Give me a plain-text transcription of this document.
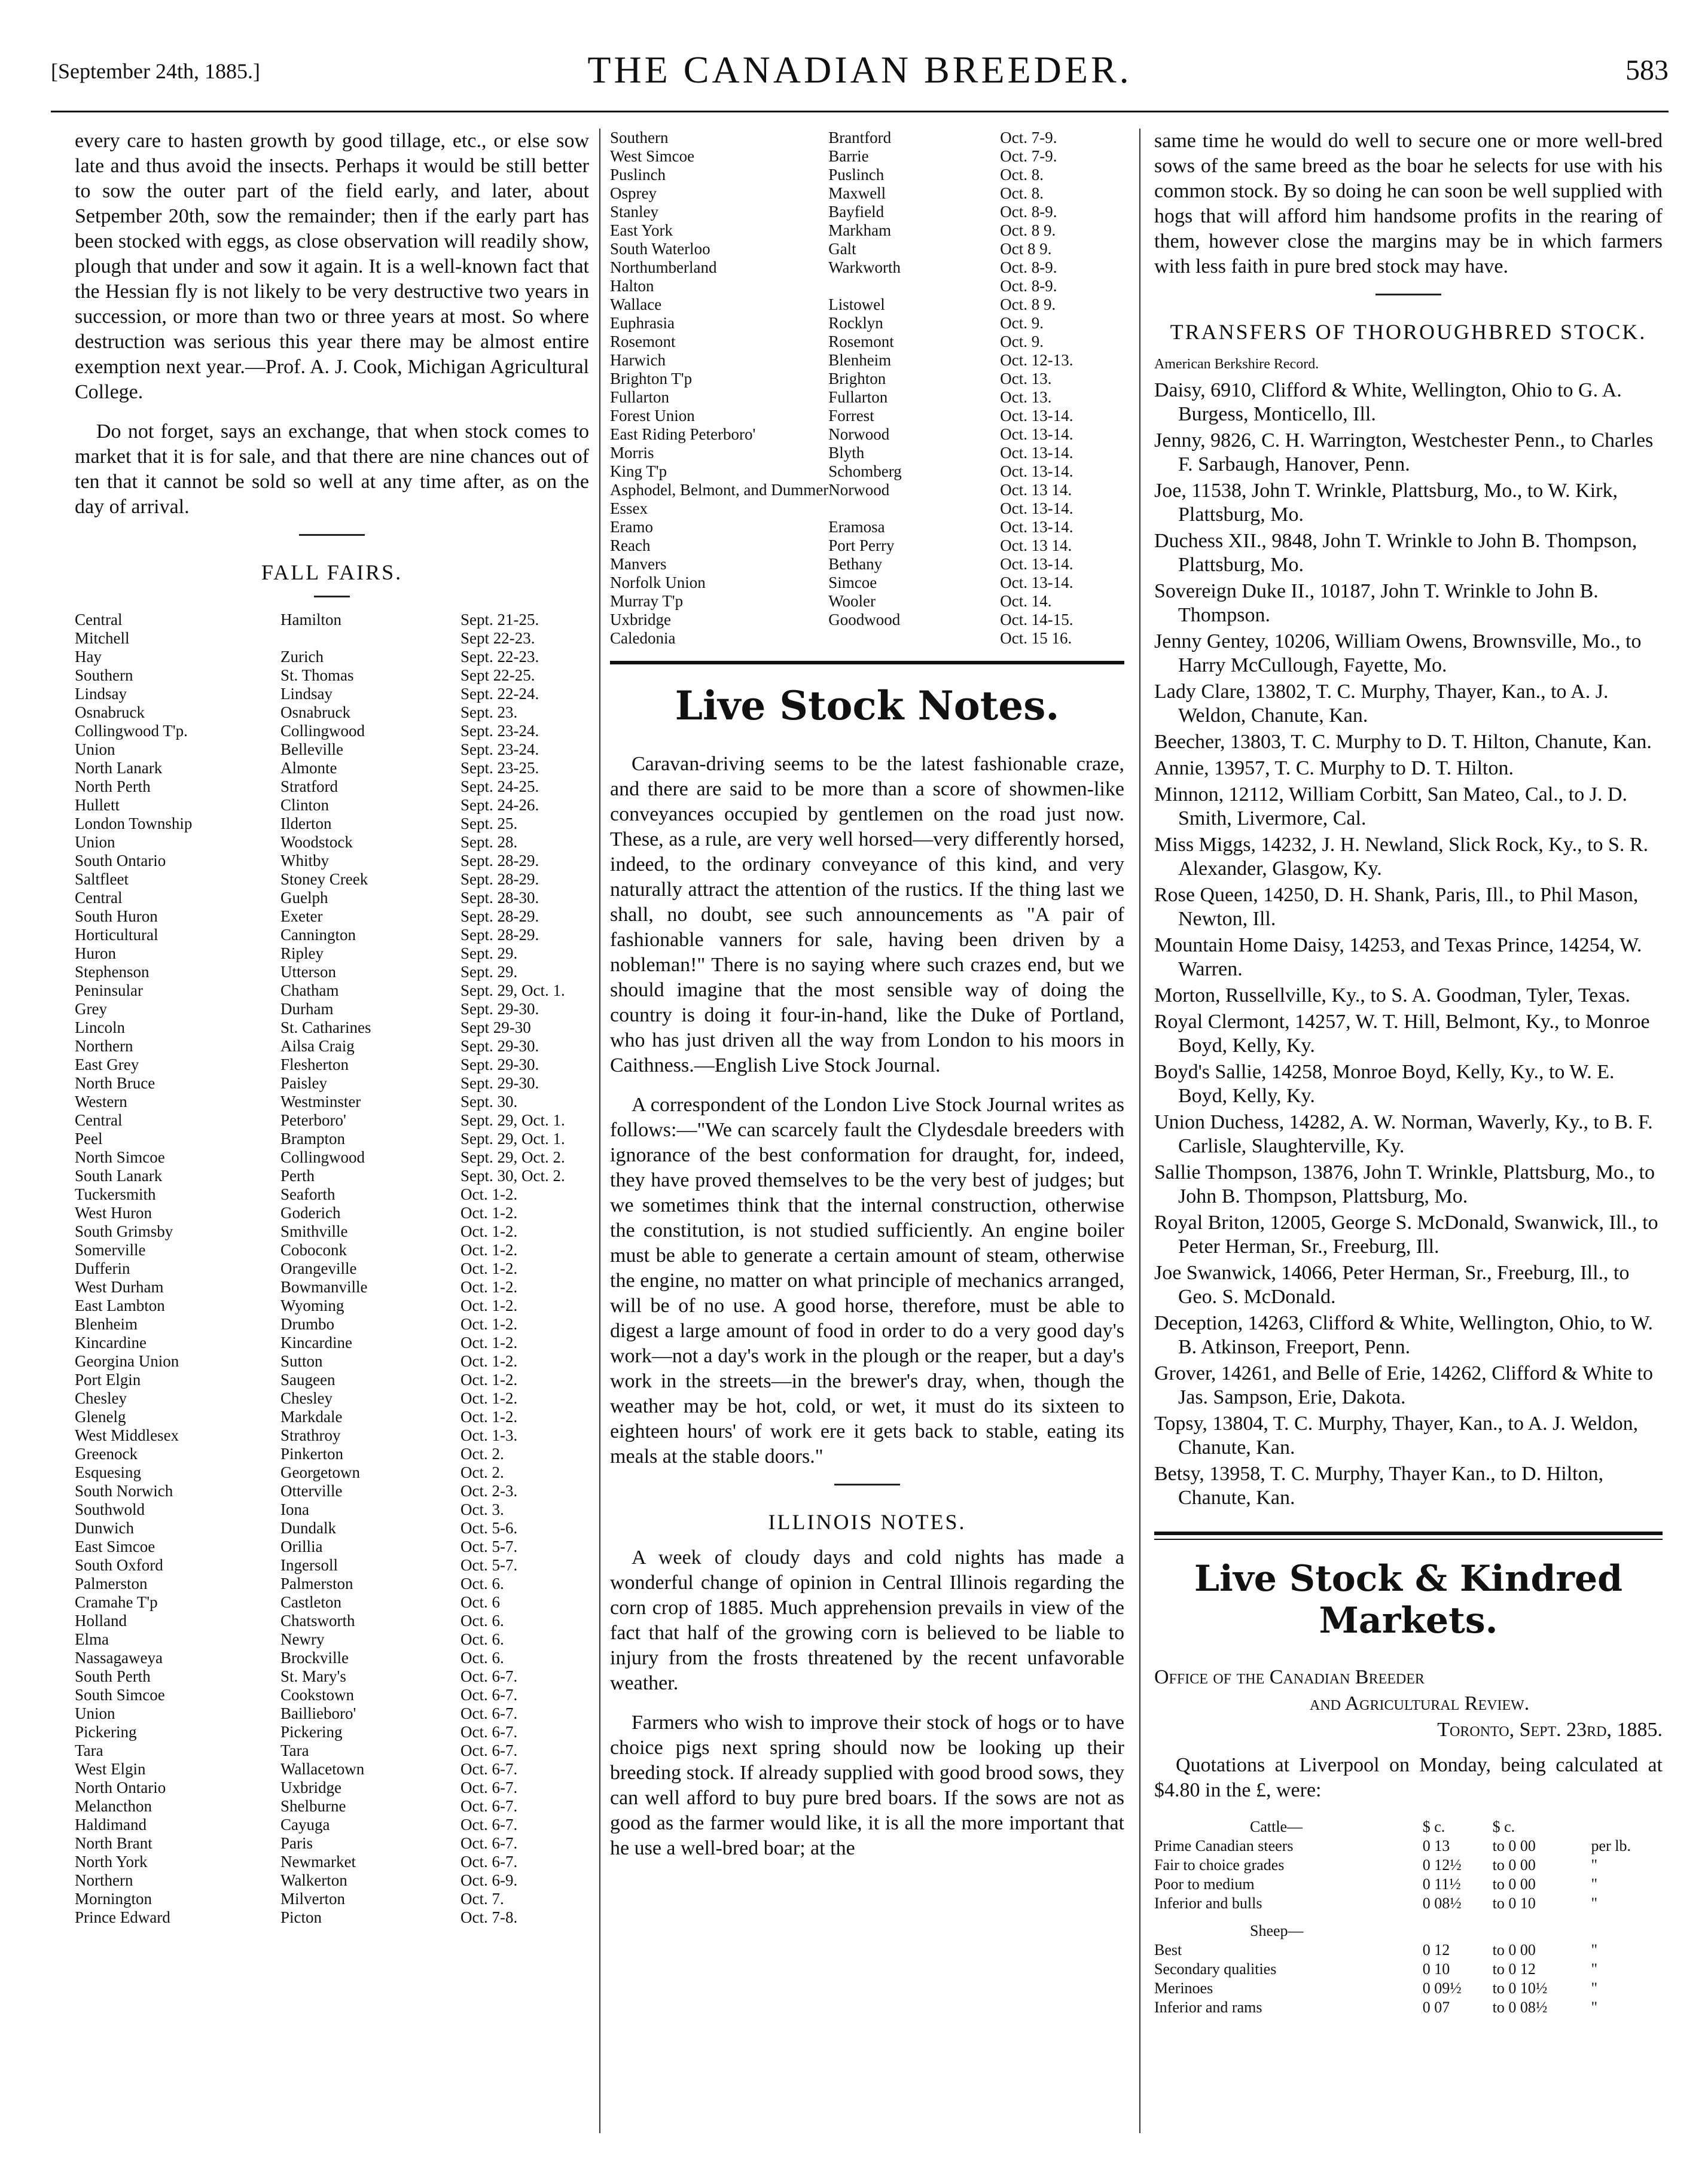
[September 24th, 1885.]	THE CANADIAN BREEDER.	583

every care to hasten growth by good tillage, etc., or else sow late and thus avoid the insects. Perhaps it would be still better to sow the outer part of the field early, and later, about Setpember 20th, sow the remainder; then if the early part has been stocked with eggs, as close observation will readily show, plough that under and sow it again. It is a well-known fact that the Hessian fly is not likely to be very destructive two years in succession, or more than two or three years at most. So where destruction was serious this year there may be almost entire exemption next year.—Prof. A. J. Cook, Michigan Agricultural College.

Do not forget, says an exchange, that when stock comes to market that it is for sale, and that there are nine chances out of ten that it cannot be sold so well at any time after, as on the day of arrival.

FALL FAIRS.
Central	Hamilton	Sept. 21-25.
Mitchell		Sept 22-23.
Hay	Zurich	Sept. 22-23.
Southern	St. Thomas	Sept 22-25.
Lindsay	Lindsay	Sept. 22-24.
Osnabruck	Osnabruck	Sept. 23.
Collingwood T'p.	Collingwood	Sept. 23-24.
Union	Belleville	Sept. 23-24.
North Lanark	Almonte	Sept. 23-25.
North Perth	Stratford	Sept. 24-25.
Hullett	Clinton	Sept. 24-26.
London Township	Ilderton	Sept. 25.
Union	Woodstock	Sept. 28.
South Ontario	Whitby	Sept. 28-29.
Saltfleet	Stoney Creek	Sept. 28-29.
Central	Guelph	Sept. 28-30.
South Huron	Exeter	Sept. 28-29.
Horticultural	Cannington	Sept. 28-29.
Huron	Ripley	Sept. 29.
Stephenson	Utterson	Sept. 29.
Peninsular	Chatham	Sept. 29, Oct. 1.
Grey	Durham	Sept. 29-30.
Lincoln	St. Catharines	Sept 29-30
Northern	Ailsa Craig	Sept. 29-30.
East Grey	Flesherton	Sept. 29-30.
North Bruce	Paisley	Sept. 29-30.
Western	Westminster	Sept. 30.
Central	Peterboro'	Sept. 29, Oct. 1.
Peel	Brampton	Sept. 29, Oct. 1.
North Simcoe	Collingwood	Sept. 29, Oct. 2.
South Lanark	Perth	Sept. 30, Oct. 2.
Tuckersmith	Seaforth	Oct. 1-2.
West Huron	Goderich	Oct. 1-2.
South Grimsby	Smithville	Oct. 1-2.
Somerville	Coboconk	Oct. 1-2.
Dufferin	Orangeville	Oct. 1-2.
West Durham	Bowmanville	Oct. 1-2.
East Lambton	Wyoming	Oct. 1-2.
Blenheim	Drumbo	Oct. 1-2.
Kincardine	Kincardine	Oct. 1-2.
Georgina Union	Sutton	Oct. 1-2.
Port Elgin	Saugeen	Oct. 1-2.
Chesley	Chesley	Oct. 1-2.
Glenelg	Markdale	Oct. 1-2.
West Middlesex	Strathroy	Oct. 1-3.
Greenock	Pinkerton	Oct. 2.
Esquesing	Georgetown	Oct. 2.
South Norwich	Otterville	Oct. 2-3.
Southwold	Iona	Oct. 3.
Dunwich	Dundalk	Oct. 5-6.
East Simcoe	Orillia	Oct. 5-7.
South Oxford	Ingersoll	Oct. 5-7.
Palmerston	Palmerston	Oct. 6.
Cramahe T'p	Castleton	Oct. 6
Holland	Chatsworth	Oct. 6.
Elma	Newry	Oct. 6.
Nassagaweya	Brockville	Oct. 6.
South Perth	St. Mary's	Oct. 6-7.
South Simcoe	Cookstown	Oct. 6-7.
Union	Baillieboro'	Oct. 6-7.
Pickering	Pickering	Oct. 6-7.
Tara	Tara	Oct. 6-7.
West Elgin	Wallacetown	Oct. 6-7.
North Ontario	Uxbridge	Oct. 6-7.
Melancthon	Shelburne	Oct. 6-7.
Haldimand	Cayuga	Oct. 6-7.
North Brant	Paris	Oct. 6-7.
North York	Newmarket	Oct. 6-7.
Northern	Walkerton	Oct. 6-9.
Mornington	Milverton	Oct. 7.
Prince Edward	Picton	Oct. 7-8.
Southern	Brantford	Oct. 7-9.
West Simcoe	Barrie	Oct. 7-9.
Puslinch	Puslinch	Oct. 8.
Osprey	Maxwell	Oct. 8.
Stanley	Bayfield	Oct. 8-9.
East York	Markham	Oct. 8 9.
South Waterloo	Galt	Oct 8 9.
Northumberland	Warkworth	Oct. 8-9.
Halton		Oct. 8-9.
Wallace	Listowel	Oct. 8 9.
Euphrasia	Rocklyn	Oct. 9.
Rosemont	Rosemont	Oct. 9.
Harwich	Blenheim	Oct. 12-13.
Brighton T'p	Brighton	Oct. 13.
Fullarton	Fullarton	Oct. 13.
Forest Union	Forrest	Oct. 13-14.
East Riding Peterboro'	Norwood	Oct. 13-14.
Morris	Blyth	Oct. 13-14.
King T'p	Schomberg	Oct. 13-14.
Asphodel, Belmont, and Dummer	Norwood	Oct. 13 14.
Essex		Oct. 13-14.
Eramo	Eramosa	Oct. 13-14.
Reach	Port Perry	Oct. 13 14.
Manvers	Bethany	Oct. 13-14.
Norfolk Union	Simcoe	Oct. 13-14.
Murray T'p	Wooler	Oct. 14.
Uxbridge	Goodwood	Oct. 14-15.
Caledonia		Oct. 15 16.
Live Stock Notes.

Caravan-driving seems to be the latest fashionable craze, and there are said to be more than a score of showmen-like conveyances occupied by gentlemen on the road just now. These, as a rule, are very well horsed—very differently horsed, indeed, to the ordinary conveyance of this kind, and very naturally attract the attention of the rustics. If the thing last we shall, no doubt, see such announcements as "A pair of fashionable vanners for sale, having been driven by a nobleman!" There is no saying where such crazes end, but we should imagine that the most sensible way of doing the country is doing it four-in-hand, like the Duke of Portland, who has just driven all the way from London to his moors in Caithness.—English Live Stock Journal.

A correspondent of the London Live Stock Journal writes as follows:—"We can scarcely fault the Clydesdale breeders with ignorance of the best conformation for draught, for, indeed, they have proved themselves to be the very best of judges; but we sometimes think that the internal construction, otherwise the constitution, is not studied sufficiently. An engine boiler must be able to generate a certain amount of steam, otherwise the engine, no matter on what principle of mechanics arranged, will be of no use. A good horse, therefore, must be able to digest a large amount of food in order to do a very good day's work—not a day's work in the plough or the reaper, but a day's work in the streets—in the brewer's dray, when, though the weather may be hot, cold, or wet, it must do its sixteen to eighteen hours' of work ere it gets back to stable, eating its meals at the stable doors."

ILLINOIS NOTES.

A week of cloudy days and cold nights has made a wonderful change of opinion in Central Illinois regarding the corn crop of 1885. Much apprehension prevails in view of the fact that half of the growing corn is believed to be liable to injury from the frosts threatened by the recent unfavorable weather.

Farmers who wish to improve their stock of hogs or to have choice pigs next spring should now be looking up their breeding stock. If already supplied with good brood sows, they can well afford to buy pure bred boars. If the sows are not as good as the farmer would like, it is all the more important that he use a well-bred boar; at the

same time he would do well to secure one or more well-bred sows of the same breed as the boar he selects for use with his common stock. By so doing he can soon be well supplied with hogs that will afford him handsome profits in the rearing of them, however close the margins may be in which farmers with less faith in pure bred stock may have.

TRANSFERS OF THOROUGHBRED STOCK.
American Berkshire Record.

Daisy, 6910, Clifford & White, Wellington, Ohio to G. A. Burgess, Monticello, Ill.

Jenny, 9826, C. H. Warrington, Westchester Penn., to Charles F. Sarbaugh, Hanover, Penn.

Joe, 11538, John T. Wrinkle, Plattsburg, Mo., to W. Kirk, Plattsburg, Mo.

Duchess XII., 9848, John T. Wrinkle to John B. Thompson, Plattsburg, Mo.

Sovereign Duke II., 10187, John T. Wrinkle to John B. Thompson.

Jenny Gentey, 10206, William Owens, Brownsville, Mo., to Harry McCullough, Fayette, Mo.

Lady Clare, 13802, T. C. Murphy, Thayer, Kan., to A. J. Weldon, Chanute, Kan.

Beecher, 13803, T. C. Murphy to D. T. Hilton, Chanute, Kan.

Annie, 13957, T. C. Murphy to D. T. Hilton.

Minnon, 12112, William Corbitt, San Mateo, Cal., to J. D. Smith, Livermore, Cal.

Miss Miggs, 14232, J. H. Newland, Slick Rock, Ky., to S. R. Alexander, Glasgow, Ky.

Rose Queen, 14250, D. H. Shank, Paris, Ill., to Phil Mason, Newton, Ill.

Mountain Home Daisy, 14253, and Texas Prince, 14254, W. Warren.

Morton, Russellville, Ky., to S. A. Goodman, Tyler, Texas.

Royal Clermont, 14257, W. T. Hill, Belmont, Ky., to Monroe Boyd, Kelly, Ky.

Boyd's Sallie, 14258, Monroe Boyd, Kelly, Ky., to W. E. Boyd, Kelly, Ky.

Union Duchess, 14282, A. W. Norman, Waverly, Ky., to B. F. Carlisle, Slaughterville, Ky.

Sallie Thompson, 13876, John T. Wrinkle, Plattsburg, Mo., to John B. Thompson, Plattsburg, Mo.

Royal Briton, 12005, George S. McDonald, Swanwick, Ill., to Peter Herman, Sr., Freeburg, Ill.

Joe Swanwick, 14066, Peter Herman, Sr., Freeburg, Ill., to Geo. S. McDonald.

Deception, 14263, Clifford & White, Wellington, Ohio, to W. B. Atkinson, Freeport, Penn.

Grover, 14261, and Belle of Erie, 14262, Clifford & White to Jas. Sampson, Erie, Dakota.

Topsy, 13804, T. C. Murphy, Thayer, Kan., to A. J. Weldon, Chanute, Kan.

Betsy, 13958, T. C. Murphy, Thayer Kan., to D. Hilton, Chanute, Kan.

Live Stock & Kindred Markets.
Office of the Canadian Breeder
and Agricultural Review.
Toronto, Sept. 23rd, 1885.

Quotations at Liverpool on Monday, being calculated at $4.80 in the £, were:

Cattle—	$ c.	$ c.	
Prime Canadian steers	0 13	to 0 00	per lb.
Fair to choice grades	0 12½	to 0 00	"
Poor to medium	0 11½	to 0 00	"
Inferior and bulls	0 08½	to 0 10	"
Sheep—			
Best	0 12	to 0 00	"
Secondary qualities	0 10	to 0 12	"
Merinoes	0 09½	to 0 10½	"
Inferior and rams	0 07	to 0 08½	"
